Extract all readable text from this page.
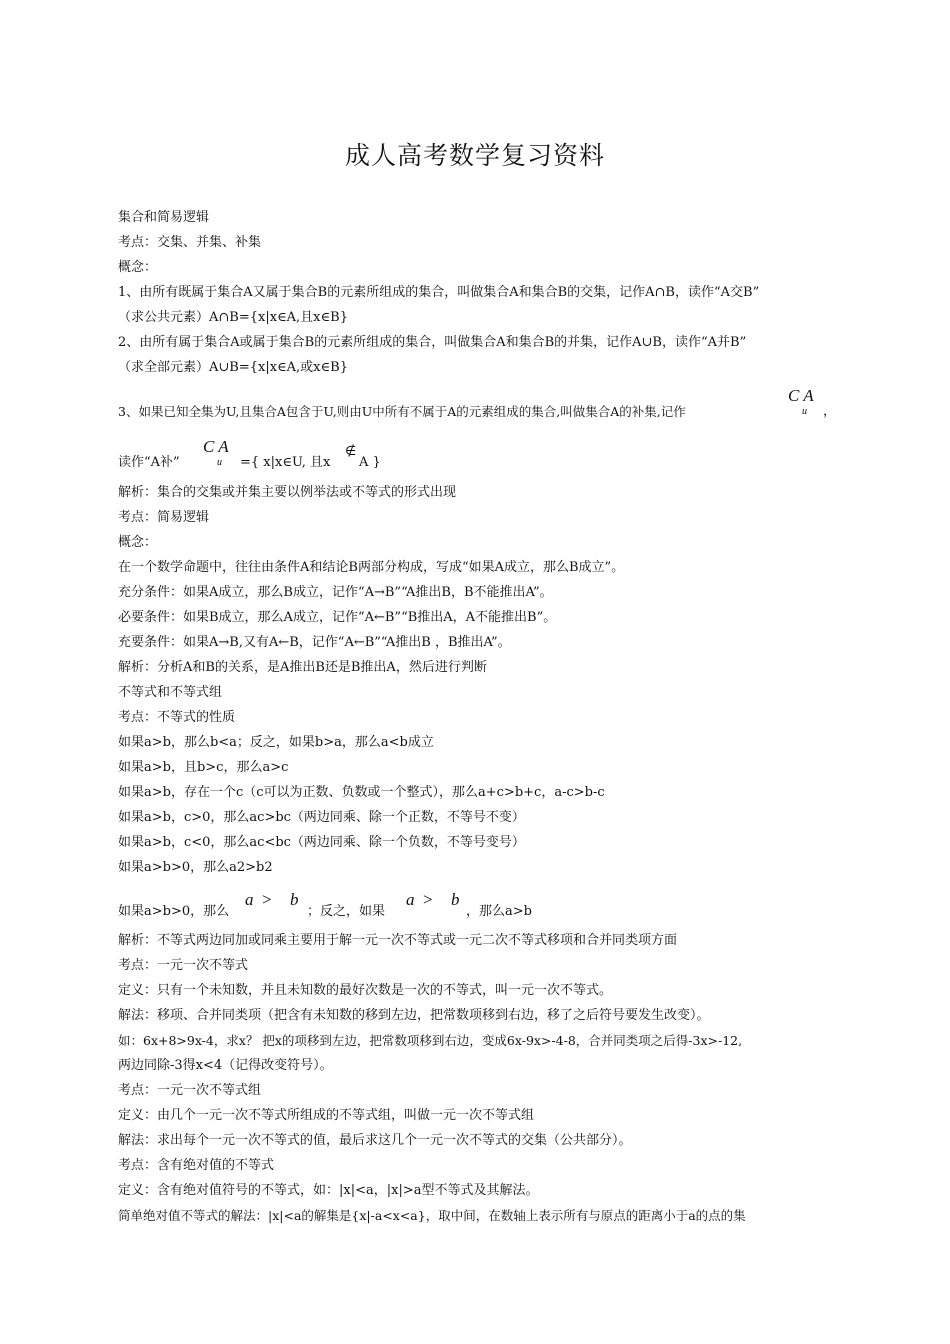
成人高考数学复习资料
集合和简易逻辑
考点：交集、并集、补集
概念：
1、由所有既属于集合A又属于集合B的元素所组成的集合，叫做集合A和集合B的交集，记作A∩B，读作“A交B”
（求公共元素）A∩B={x|x∈A,且x∈B}
2、由所有属于集合A或属于集合B的元素所组成的集合，叫做集合A和集合B的并集，记作A∪B，读作“A并B”
（求全部元素）A∪B={x|x∈A,或x∈B}
3、如果已知全集为U,且集合A包含于U,则由U中所有不属于A的元素组成的集合,叫做集合A的补集,记作
C A
u ，
读作“A补”
C A
u ={ x|x∈U, 且x
∉
A }
解析：集合的交集或并集主要以例举法或不等式的形式出现
考点：简易逻辑
概念：
在一个数学命题中，往往由条件A和结论B两部分构成，写成“如果A成立，那么B成立”。
充分条件：如果A成立，那么B成立，记作“A→B”“A推出B，B不能推出A”。
必要条件：如果B成立，那么A成立，记作“A←B”“B推出A，A不能推出B”。
充要条件：如果A→B,又有A←B，记作“A←B”“A推出B ，B推出A”。
解析：分析A和B的关系，是A推出B还是B推出A，然后进行判断
不等式和不等式组
考点：不等式的性质
如果a>b，那么b<a；反之，如果b>a，那么a<b成立
如果a>b，且b>c，那么a>c
如果a>b，存在一个c（c可以为正数、负数或一个整式），那么a+c>b+c，a-c>b-c
如果a>b，c>0，那么ac>bc（两边同乘、除一个正数，不等号不变）
如果a>b，c<0，那么ac<bc（两边同乘、除一个负数，不等号变号）
如果a>b>0，那么a2>b2
如果a>b>0，那么
a > b
；反之，如果
a > b
，那么a>b
解析：不等式两边同加或同乘主要用于解一元一次不等式或一元二次不等式移项和合并同类项方面
考点：一元一次不等式
定义：只有一个未知数，并且未知数的最好次数是一次的不等式，叫一元一次不等式。
解法：移项、合并同类项（把含有未知数的移到左边，把常数项移到右边，移了之后符号要发生改变）。
如：6x+8>9x-4，求x？ 把x的项移到左边，把常数项移到右边，变成6x-9x>-4-8，合并同类项之后得-3x>-12,
两边同除-3得x<4（记得改变符号）。
考点：一元一次不等式组
定义：由几个一元一次不等式所组成的不等式组，叫做一元一次不等式组
解法：求出每个一元一次不等式的值，最后求这几个一元一次不等式的交集（公共部分）。
考点：含有绝对值的不等式
定义：含有绝对值符号的不等式，如：|x|<a，|x|>a型不等式及其解法。
简单绝对值不等式的解法：|x|<a的解集是{x|-a<x<a}，取中间，在数轴上表示所有与原点的距离小于a的点的集
